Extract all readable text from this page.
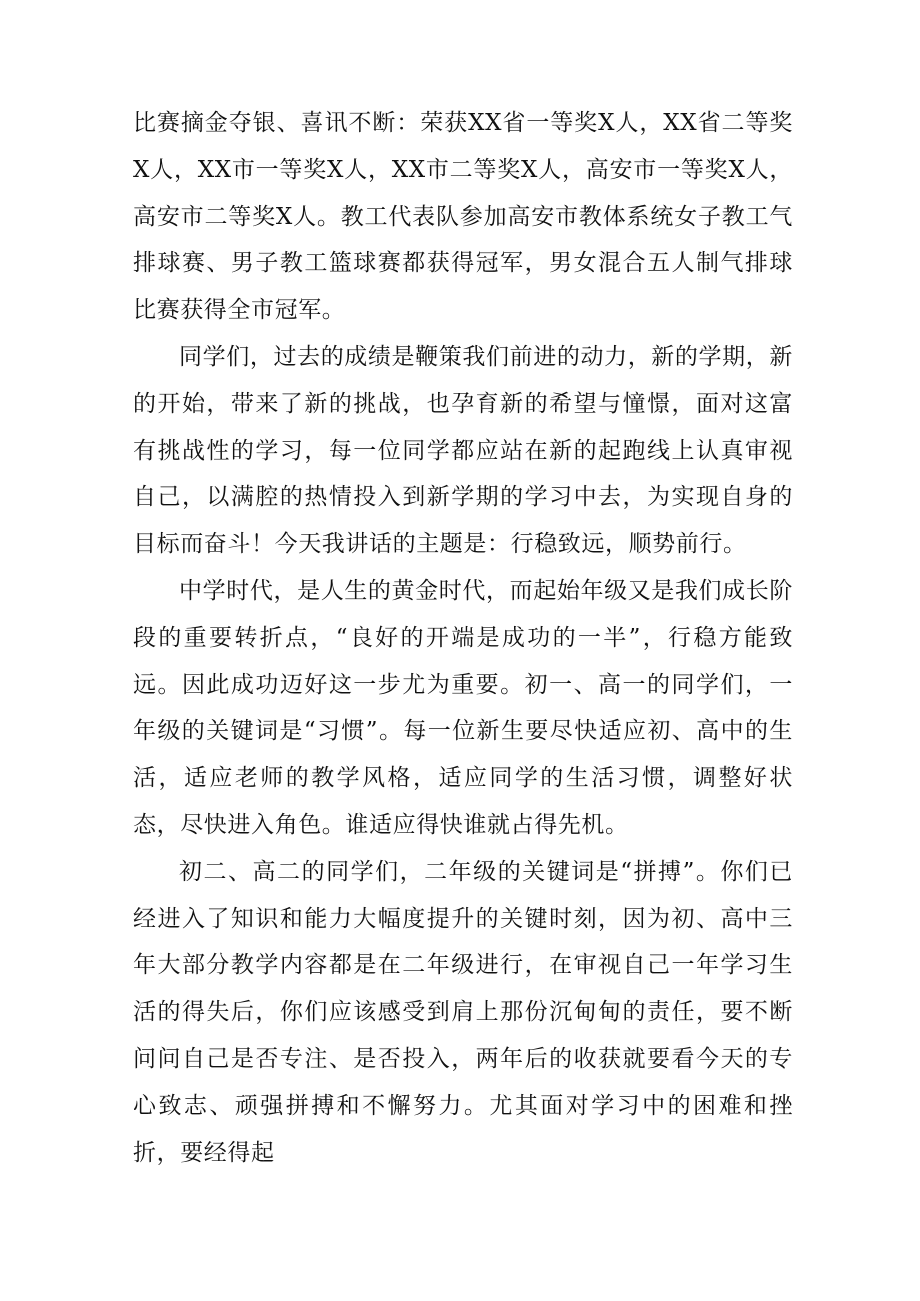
比赛摘金夺银、喜讯不断：荣获XX省一等奖X人，XX省二等奖X人，XX市一等奖X人，XX市二等奖X人，高安市一等奖X人，高安市二等奖X人。教工代表队参加高安市教体系统女子教工气排球赛、男子教工篮球赛都获得冠军，男女混合五人制气排球比赛获得全市冠军。

同学们，过去的成绩是鞭策我们前进的动力，新的学期，新的开始，带来了新的挑战，也孕育新的希望与憧憬，面对这富有挑战性的学习，每一位同学都应站在新的起跑线上认真审视自己，以满腔的热情投入到新学期的学习中去，为实现自身的目标而奋斗！今天我讲话的主题是：行稳致远，顺势前行。

中学时代，是人生的黄金时代，而起始年级又是我们成长阶段的重要转折点，“良好的开端是成功的一半”，行稳方能致远。因此成功迈好这一步尤为重要。初一、高一的同学们，一年级的关键词是“习惯”。每一位新生要尽快适应初、高中的生活，适应老师的教学风格，适应同学的生活习惯，调整好状态，尽快进入角色。谁适应得快谁就占得先机。

初二、高二的同学们，二年级的关键词是“拼搏”。你们已经进入了知识和能力大幅度提升的关键时刻，因为初、高中三年大部分教学内容都是在二年级进行，在审视自己一年学习生活的得失后，你们应该感受到肩上那份沉甸甸的责任，要不断问问自己是否专注、是否投入，两年后的收获就要看今天的专心致志、顽强拼搏和不懈努力。尤其面对学习中的困难和挫折，要经得起
